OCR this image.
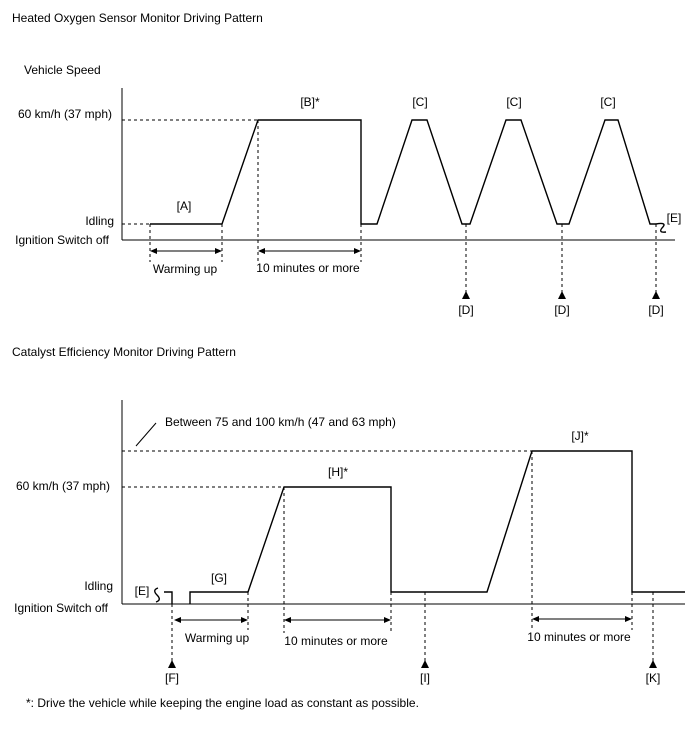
Heated Oxygen Sensor Monitor Driving Pattern
Vehicle Speed
60 km/h (37 mph)
Idling
Ignition Switch off
[A]
[B]*	[C]	[C]	[C]
[E]
Warming up	10 minutes or more
[D]	[D]	[D]
Catalyst Efficiency Monitor Driving Pattern
Between 75 and 100 km/h (47 and 63 mph)
60 km/h (37 mph)
Idling
Ignition Switch off
[E]
[G]
[H]*
[J]*
Warming up	10 minutes or more	10 minutes or more
[F]	[I]	[K]
*: Drive the vehicle while keeping the engine load as constant as possible.
